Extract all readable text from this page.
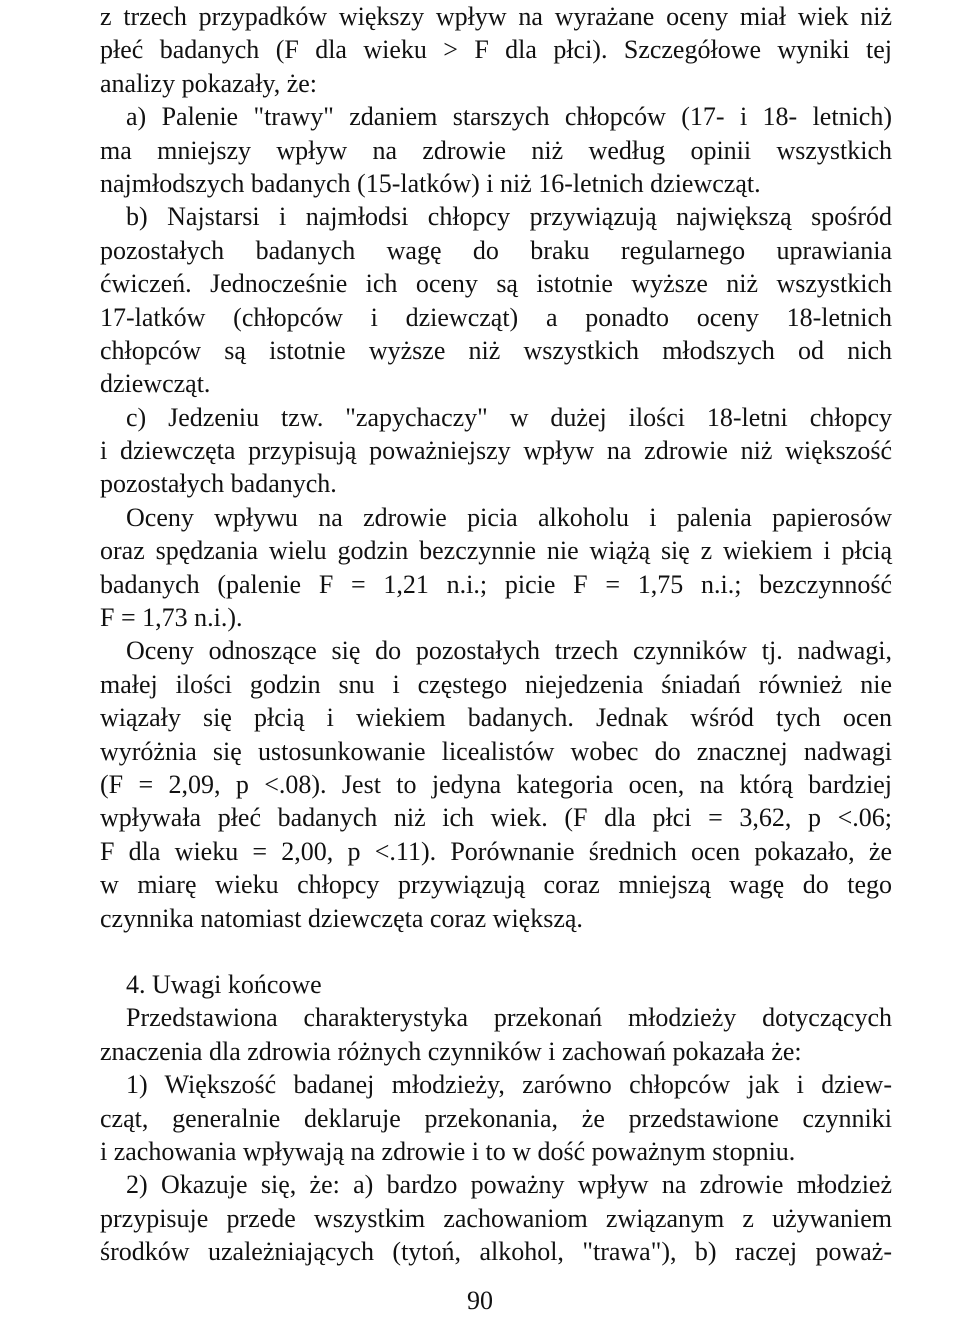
z trzech przypadków większy wpływ na wyrażane oceny miał wiek niż
płeć badanych (F dla wieku > F dla płci). Szczegółowe wyniki tej
analizy pokazały, że:
a) Palenie "trawy" zdaniem starszych chłopców (17- i 18- letnich)
ma mniejszy wpływ na zdrowie niż według opinii wszystkich
najmłodszych badanych (15-latków) i niż 16-letnich dziewcząt.
b) Najstarsi i najmłodsi chłopcy przywiązują największą spośród
pozostałych badanych wagę do braku regularnego uprawiania
ćwiczeń. Jednocześnie ich oceny są istotnie wyższe niż wszystkich
17-latków (chłopców i dziewcząt) a ponadto oceny 18-letnich
chłopców są istotnie wyższe niż wszystkich młodszych od nich
dziewcząt.
c) Jedzeniu tzw. "zapychaczy" w dużej ilości 18-letni chłopcy
i dziewczęta przypisują poważniejszy wpływ na zdrowie niż większość
pozostałych badanych.
Oceny wpływu na zdrowie picia alkoholu i palenia papierosów
oraz spędzania wielu godzin bezczynnie nie wiążą się z wiekiem i płcią
badanych (palenie F = 1,21 n.i.; picie F = 1,75 n.i.; bezczynność
F = 1,73 n.i.).
Oceny odnoszące się do pozostałych trzech czynników tj. nadwagi,
małej ilości godzin snu i częstego niejedzenia śniadań również nie
wiązały się płcią i wiekiem badanych. Jednak wśród tych ocen
wyróżnia się ustosunkowanie licealistów wobec do znacznej nadwagi
(F = 2,09, p <.08). Jest to jedyna kategoria ocen, na którą bardziej
wpływała płeć badanych niż ich wiek. (F dla płci = 3,62, p <.06;
F dla wieku = 2,00, p <.11). Porównanie średnich ocen pokazało, że
w miarę wieku chłopcy przywiązują coraz mniejszą wagę do tego
czynnika natomiast dziewczęta coraz większą.
4. Uwagi końcowe
Przedstawiona charakterystyka przekonań młodzieży dotyczących
znaczenia dla zdrowia różnych czynników i zachowań pokazała że:
1) Większość badanej młodzieży, zarówno chłopców jak i dziew-
cząt, generalnie deklaruje przekonania, że przedstawione czynniki
i zachowania wpływają na zdrowie i to w dość poważnym stopniu.
2) Okazuje się, że: a) bardzo poważny wpływ na zdrowie młodzież
przypisuje przede wszystkim zachowaniom związanym z używaniem
środków uzależniających (tytoń, alkohol, "trawa"), b) raczej poważ-
90
